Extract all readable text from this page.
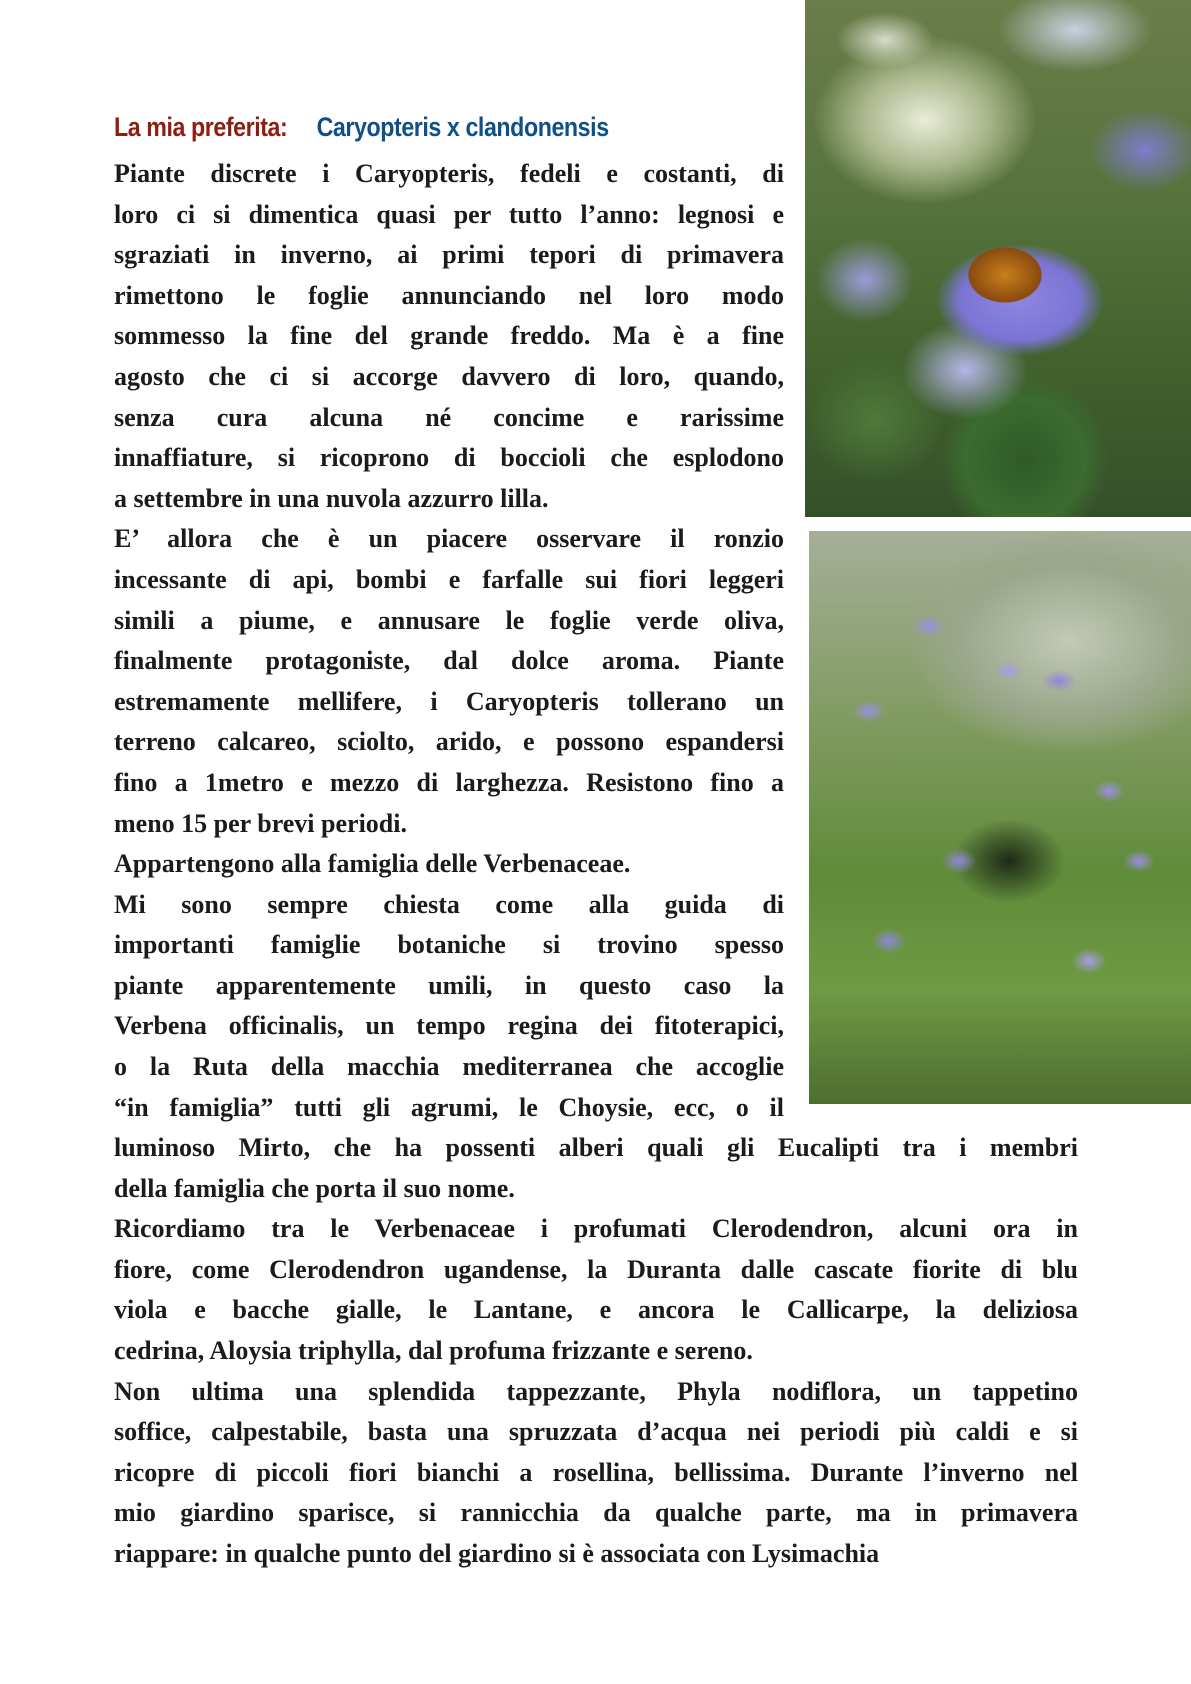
La mia preferita: Caryopteris x clandonensis

Piante discrete i Caryopteris, fedeli e costanti, di

loro ci si dimentica quasi per tutto l’anno: legnosi e

sgraziati in inverno, ai primi tepori di primavera

rimettono le foglie annunciando nel loro modo

sommesso la fine del grande freddo. Ma è a fine

agosto che ci si accorge davvero di loro, quando,

senza cura alcuna né concime e rarissime

innaffiature, si ricoprono di boccioli che esplodono

a settembre in una nuvola azzurro lilla.

E’ allora che è un piacere osservare il ronzio

incessante di api, bombi e farfalle sui fiori leggeri

simili a piume, e annusare le foglie verde oliva,

finalmente protagoniste, dal dolce aroma. Piante

estremamente mellifere, i Caryopteris tollerano un

terreno calcareo, sciolto, arido, e possono espandersi

fino a 1metro e mezzo di larghezza. Resistono fino a

meno 15 per brevi periodi.

Appartengono alla famiglia delle Verbenaceae.

Mi sono sempre chiesta come alla guida di

importanti famiglie botaniche si trovino spesso

piante apparentemente umili, in questo caso la

Verbena officinalis, un tempo regina dei fitoterapici,

o la Ruta della macchia mediterranea che accoglie

“in famiglia” tutti gli agrumi, le Choysie, ecc, o il

luminoso Mirto, che ha possenti alberi quali gli Eucalipti tra i membri

della famiglia che porta il suo nome.

Ricordiamo tra le Verbenaceae i profumati Clerodendron, alcuni ora in

fiore, come Clerodendron ugandense, la Duranta dalle cascate fiorite di blu

viola e bacche gialle, le Lantane, e ancora le Callicarpe, la deliziosa

cedrina, Aloysia triphylla, dal profuma frizzante e sereno.

Non ultima una splendida tappezzante, Phyla nodiflora, un tappetino

soffice, calpestabile, basta una spruzzata d’acqua nei periodi più caldi e si

ricopre di piccoli fiori bianchi a rosellina, bellissima. Durante l’inverno nel

mio giardino sparisce, si rannicchia da qualche parte, ma in primavera

riappare: in qualche punto del giardino si è associata con Lysimachia
